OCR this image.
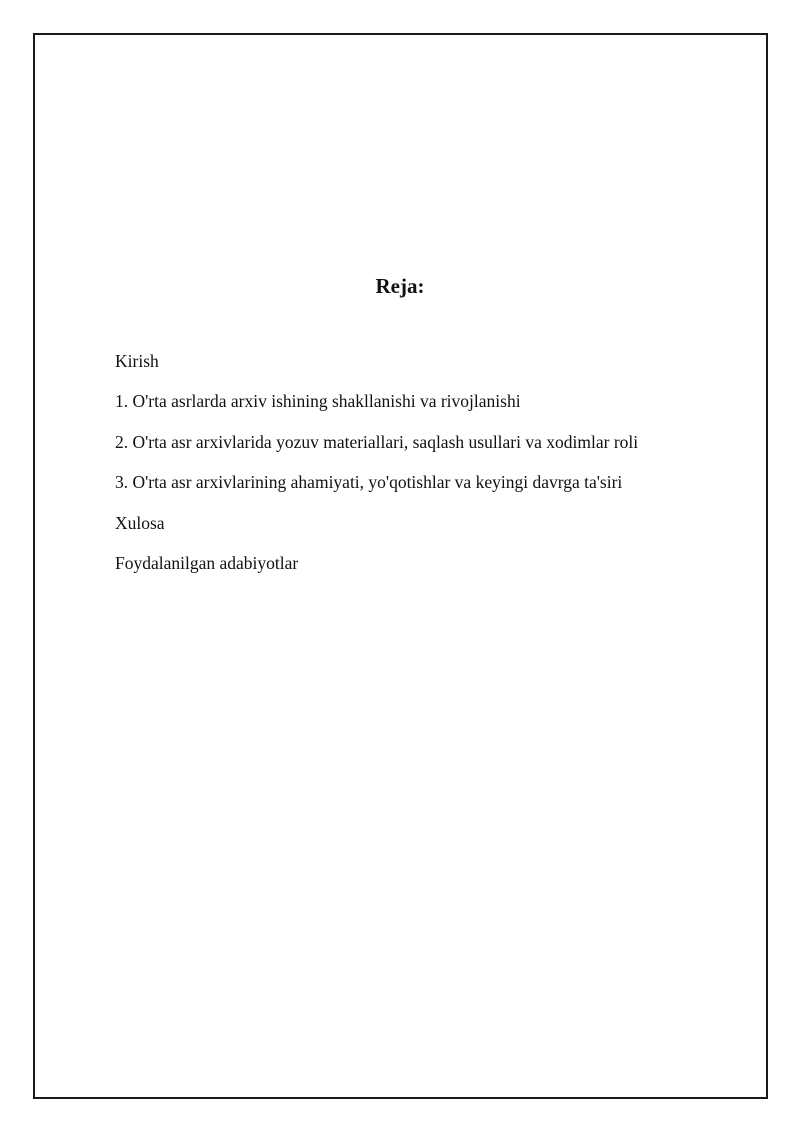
Reja:
Kirish
1. O'rta asrlarda arxiv ishining shakllanishi va rivojlanishi
2. O'rta asr arxivlarida yozuv materiallari, saqlash usullari va xodimlar roli
3. O'rta asr arxivlarining ahamiyati, yo'qotishlar va keyingi davrga ta'siri
Xulosa
Foydalanilgan adabiyotlar
